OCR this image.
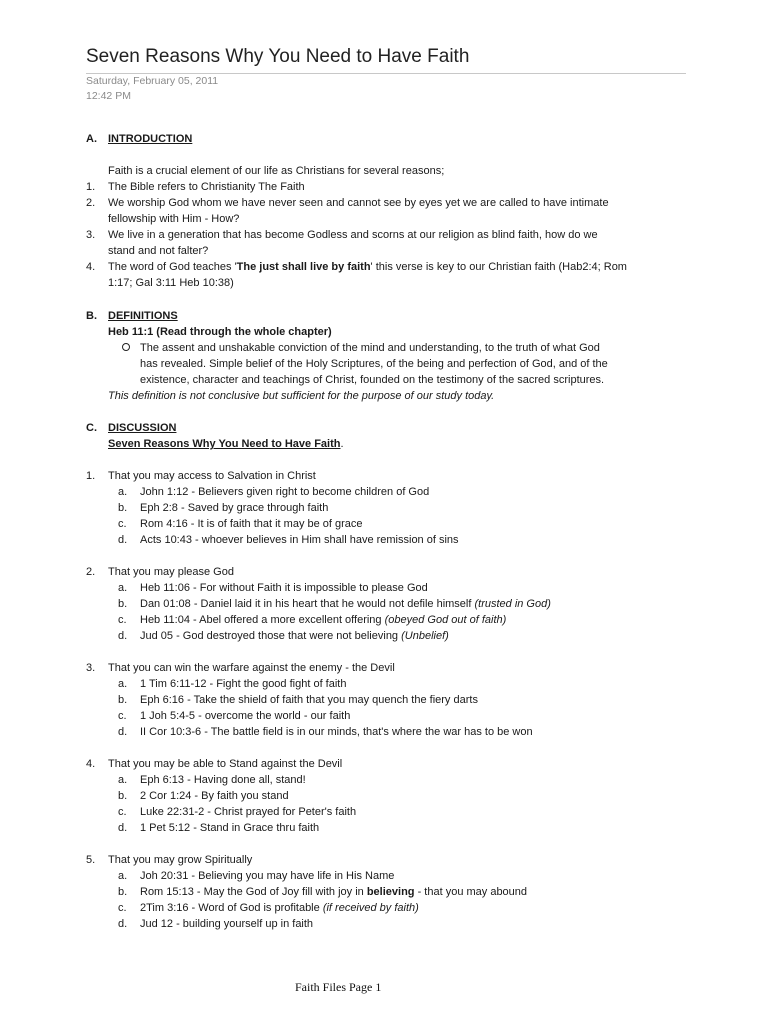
Seven Reasons Why You Need to Have Faith
Saturday, February 05, 2011
12:42 PM
A. INTRODUCTION
Faith is a crucial element of our life as Christians for several reasons;
1. The Bible refers to Christianity The Faith
2. We worship God whom we have never seen and cannot see by eyes yet we are called to have intimate
fellowship with Him - How?
3. We live in a generation that has become Godless and scorns at our religion as blind faith, how do we
stand and not falter?
4. The word of God teaches 'The just shall live by faith' this verse is key to our Christian faith (Hab2:4; Rom
1:17; Gal 3:11 Heb 10:38)
B. DEFINITIONS
Heb 11:1 (Read through the whole chapter)
The assent and unshakable conviction of the mind and understanding, to the truth of what God
has revealed. Simple belief of the Holy Scriptures, of the being and perfection of God, and of the
existence, character and teachings of Christ, founded on the testimony of the sacred scriptures.
This definition is not conclusive but sufficient for the purpose of our study today.
C. DISCUSSION
Seven Reasons Why You Need to Have Faith.
1. That you may access to Salvation in Christ
a. John 1:12 - Believers given right to become children of God
b. Eph 2:8 - Saved by grace through faith
c. Rom 4:16 - It is of faith that it may be of grace
d. Acts 10:43 - whoever believes in Him shall have remission of sins
2. That you may please God
a. Heb 11:06 - For without Faith it is impossible to please God
b. Dan 01:08 - Daniel laid it in his heart that he would not defile himself (trusted in God)
c. Heb 11:04 - Abel offered a more excellent offering (obeyed God out of faith)
d. Jud 05 - God destroyed those that were not believing (Unbelief)
3. That you can win the warfare against the enemy - the Devil
a. 1 Tim 6:11-12 - Fight the good fight of faith
b. Eph 6:16 - Take the shield of faith that you may quench the fiery darts
c. 1 Joh 5:4-5 - overcome the world - our faith
d. II Cor 10:3-6 - The battle field is in our minds, that's where the war has to be won
4. That you may be able to Stand against the Devil
a. Eph 6:13 - Having done all, stand!
b. 2 Cor 1:24 - By faith you stand
c. Luke 22:31-2 - Christ prayed for Peter's faith
d. 1 Pet 5:12 - Stand in Grace thru faith
5. That you may grow Spiritually
a. Joh 20:31 - Believing you may have life in His Name
b. Rom 15:13 - May the God of Joy fill with joy in believing - that you may abound
c. 2Tim 3:16 - Word of God is profitable (if received by faith)
d. Jud 12 - building yourself up in faith
Faith Files Page 1
